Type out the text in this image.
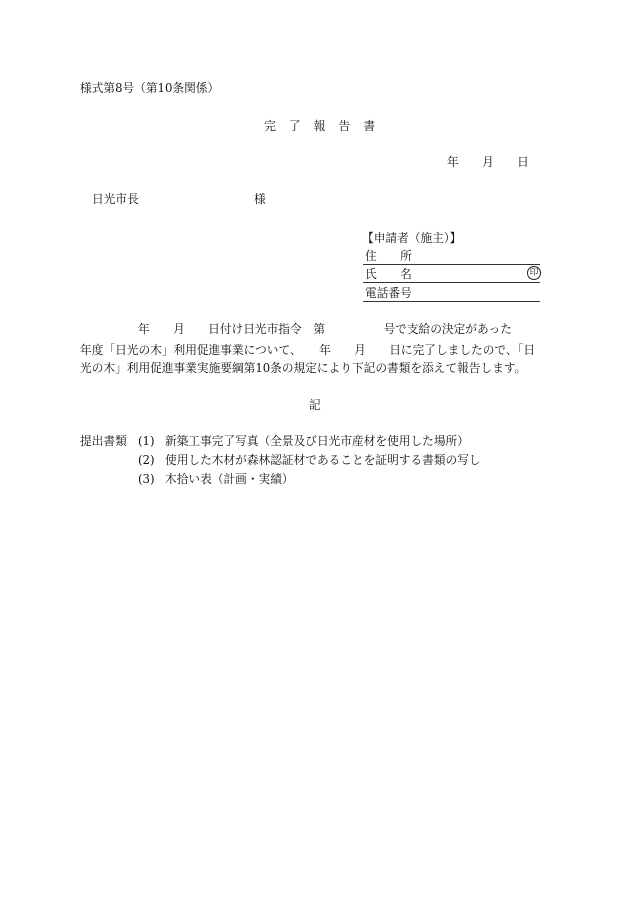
様式第8号（第10条関係）
完了報告書
年　　月　　日
日光市長	様
【申請者（施主）】
住　　所
氏　　名	印
電話番号
年　　月　　日付け日光市指令　第　　　　　号で支給の決定があった
年度「日光の木」利用促進事業について、　　年　　月　　日に完了しましたので、「日
光の木」利用促進事業実施要綱第10条の規定により下記の書類を添えて報告します。
記
提出書類 (1) 新築工事完了写真（全景及び日光市産材を使用した場所）
(2) 使用した木材が森林認証材であることを証明する書類の写し
(3) 木拾い表（計画・実績）
